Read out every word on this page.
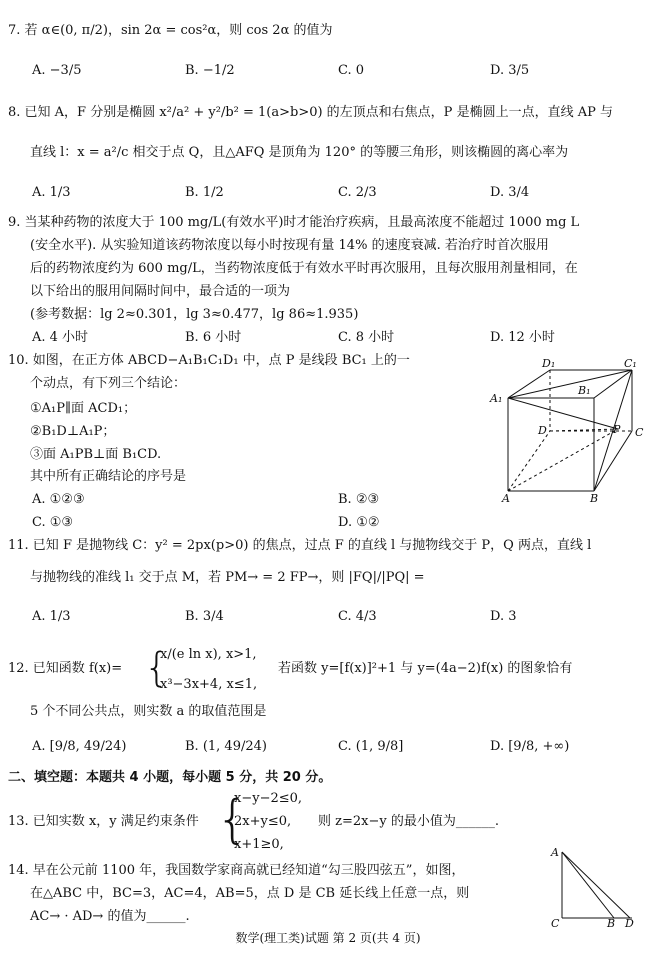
7. 若 α∈(0, π/2)，sin 2α = cos²α，则 cos 2α 的值为
A. −3/5	B. −1/2	C. 0	D. 3/5
8. 已知 A，F 分别是椭圆 x²/a² + y²/b² = 1(a>b>0) 的左顶点和右焦点，P 是椭圆上一点，直线 AP 与
直线 l：x = a²/c 相交于点 Q，且△AFQ 是顶角为 120° 的等腰三角形，则该椭圆的离心率为
A. 1/3	B. 1/2	C. 2/3	D. 3/4
9. 当某种药物的浓度大于 100 mg/L(有效水平)时才能治疗疾病，且最高浓度不能超过 1000 mg L
(安全水平). 从实验知道该药物浓度以每小时按现有量 14% 的速度衰减. 若治疗时首次服用
后的药物浓度约为 600 mg/L，当药物浓度低于有效水平时再次服用，且每次服用剂量相同，在
以下给出的服用间隔时间中，最合适的一项为
(参考数据：lg 2≈0.301，lg 3≈0.477，lg 86≈1.935)
A. 4 小时	B. 6 小时	C. 8 小时	D. 12 小时
10. 如图，在正方体 ABCD−A₁B₁C₁D₁ 中，点 P 是线段 BC₁ 上的一
个动点，有下列三个结论：
①A₁P∥面 ACD₁；
②B₁D⊥A₁P；
③面 A₁PB⊥面 B₁CD.
其中所有正确结论的序号是
A. ①②③	B. ②③
C. ①③	D. ①②
D₁	C₁
B₁
A₁
P
D	C
A	B
11. 已知 F 是抛物线 C：y² = 2px(p>0) 的焦点，过点 F 的直线 l 与抛物线交于 P，Q 两点，直线 l
与抛物线的准线 l₁ 交于点 M，若 PM→ = 2 FP→，则 |FQ|/|PQ| =
A. 1/3	B. 3/4	C. 4/3	D. 3
12. 已知函数 f(x)= {
x/(e ln x), x>1,
x³−3x+4, x≤1,
若函数 y=[f(x)]²+1 与 y=(4a−2)f(x) 的图象恰有
5 个不同公共点，则实数 a 的取值范围是
A. [9/8, 49/24)	B. (1, 49/24)	C. (1, 9/8]	D. [9/8, +∞)
二、填空题：本题共 4 小题，每小题 5 分，共 20 分。
13. 已知实数 x，y 满足约束条件 {
x−y−2≤0,
2x+y≤0,
x+1≥0,
则 z=2x−y 的最小值为______.
14. 早在公元前 1100 年，我国数学家商高就已经知道“勾三股四弦五”，如图，
在△ABC 中，BC=3，AC=4，AB=5，点 D 是 CB 延长线上任意一点，则
AC→ · AD→ 的值为______.
A
C	B D
数学(理工类)试题 第 2 页(共 4 页)
